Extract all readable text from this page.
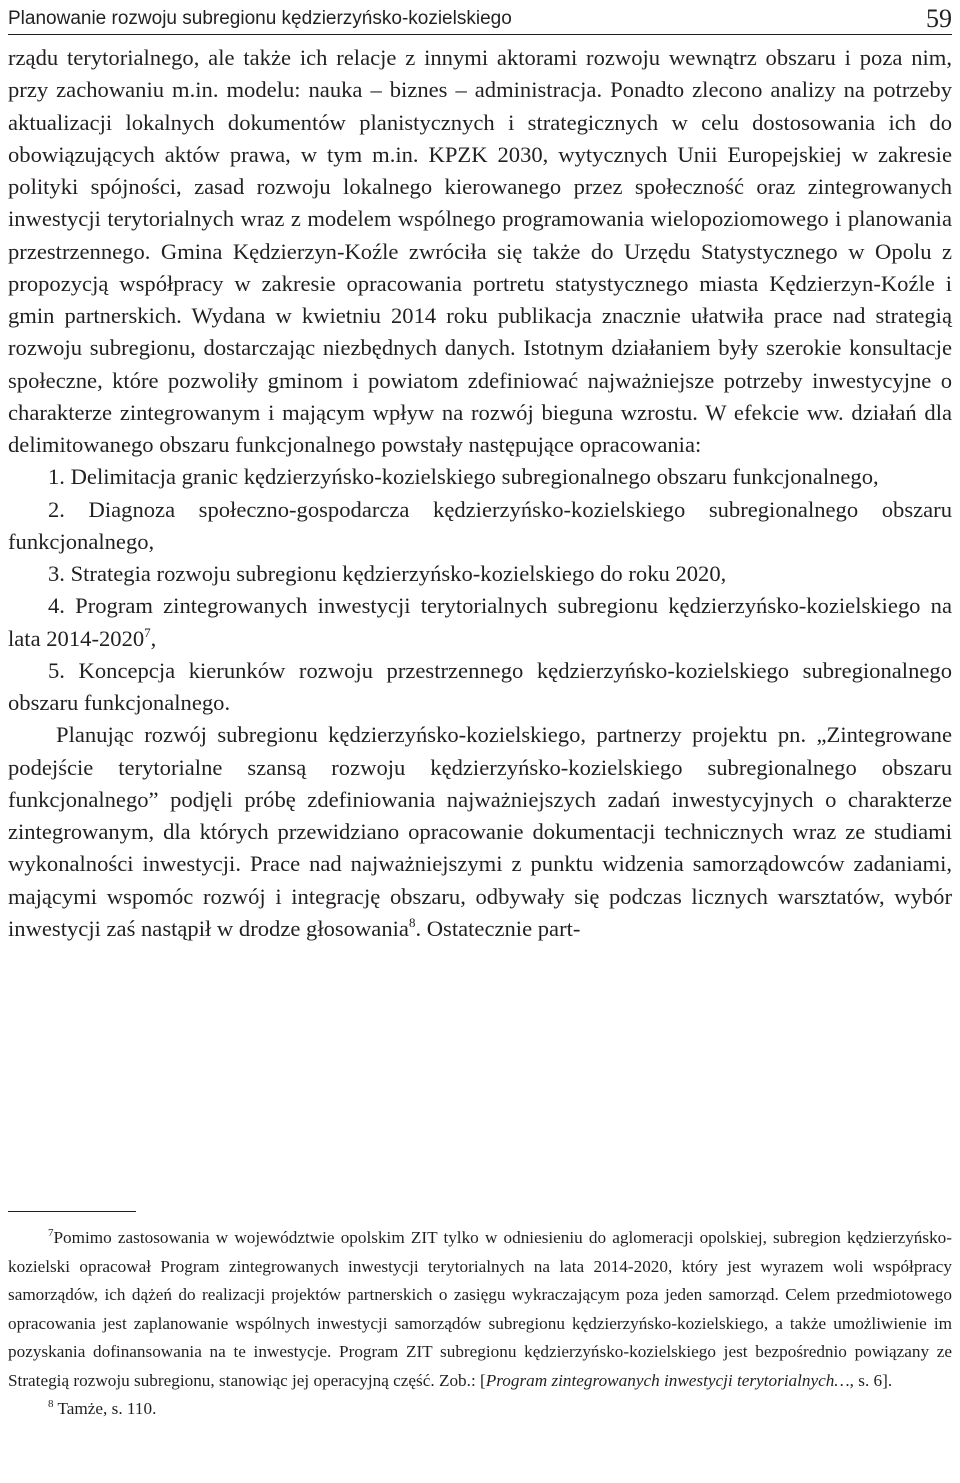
Planowanie rozwoju subregionu kędzierzyńsko-kozielskiego	59

rządu terytorialnego, ale także ich relacje z innymi aktorami rozwoju wewnątrz obszaru i poza nim, przy zachowaniu m.in. modelu: nauka – biznes – administracja. Ponadto zlecono analizy na potrzeby aktualizacji lokalnych dokumentów planistycznych i strategicznych w celu dostosowania ich do obowiązujących aktów prawa, w tym m.in. KPZK 2030, wytycznych Unii Europejskiej w zakresie polityki spójności, zasad rozwoju lokalnego kierowanego przez społeczność oraz zintegrowanych inwestycji terytorialnych wraz z modelem wspólnego programowania wielopoziomowego i planowania przestrzennego. Gmina Kędzierzyn-Koźle zwróciła się także do Urzędu Statystycznego w Opolu z propozycją współpracy w zakresie opracowania portretu statystycznego miasta Kędzierzyn-Koźle i gmin partnerskich. Wydana w kwietniu 2014 roku publikacja znacznie ułatwiła prace nad strategią rozwoju subregionu, dostarczając niezbędnych danych. Istotnym działaniem były szerokie konsultacje społeczne, które pozwoliły gminom i powiatom zdefiniować najważniejsze potrzeby inwestycyjne o charakterze zintegrowanym i mającym wpływ na rozwój bieguna wzrostu. W efekcie ww. działań dla delimitowanego obszaru funkcjonalnego powstały następujące opracowania:

1. Delimitacja granic kędzierzyńsko-kozielskiego subregionalnego obszaru funkcjonalnego,

2. Diagnoza społeczno-gospodarcza kędzierzyńsko-kozielskiego subregionalnego obszaru funkcjonalnego,

3. Strategia rozwoju subregionu kędzierzyńsko-kozielskiego do roku 2020,

4. Program zintegrowanych inwestycji terytorialnych subregionu kędzierzyńsko-kozielskiego na lata 2014-2020$^7$,

5. Koncepcja kierunków rozwoju przestrzennego kędzierzyńsko-kozielskiego subregionalnego obszaru funkcjonalnego.

Planując rozwój subregionu kędzierzyńsko-kozielskiego, partnerzy projektu pn. „Zintegrowane podejście terytorialne szansą rozwoju kędzierzyńsko-kozielskiego subregionalnego obszaru funkcjonalnego” podjęli próbę zdefiniowania najważniejszych zadań inwestycyjnych o charakterze zintegrowanym, dla których przewidziano opracowanie dokumentacji technicznych wraz ze studiami wykonalności inwestycji. Prace nad najważniejszymi z punktu widzenia samorządowców zadaniami, mającymi wspomóc rozwój i integrację obszaru, odbywały się podczas licznych warsztatów, wybór inwestycji zaś nastąpił w drodze głosowania$^8$. Ostatecznie part-

$^7$Pomimo zastosowania w województwie opolskim ZIT tylko w odniesieniu do aglomeracji opolskiej, subregion kędzierzyńsko-kozielski opracował Program zintegrowanych inwestycji terytorialnych na lata 2014-2020, który jest wyrazem woli współpracy samorządów, ich dążeń do realizacji projektów partnerskich o zasięgu wykraczającym poza jeden samorząd. Celem przedmiotowego opracowania jest zaplanowanie wspólnych inwestycji samorządów subregionu kędzierzyńsko-kozielskiego, a także umożliwienie im pozyskania dofinansowania na te inwestycje. Program ZIT subregionu kędzierzyńsko-kozielskiego jest bezpośrednio powiązany ze Strategią rozwoju subregionu, stanowiąc jej operacyjną część. Zob.: [Program zintegrowanych inwestycji terytorialnych…, s. 6].

$^8$ Tamże, s. 110.
